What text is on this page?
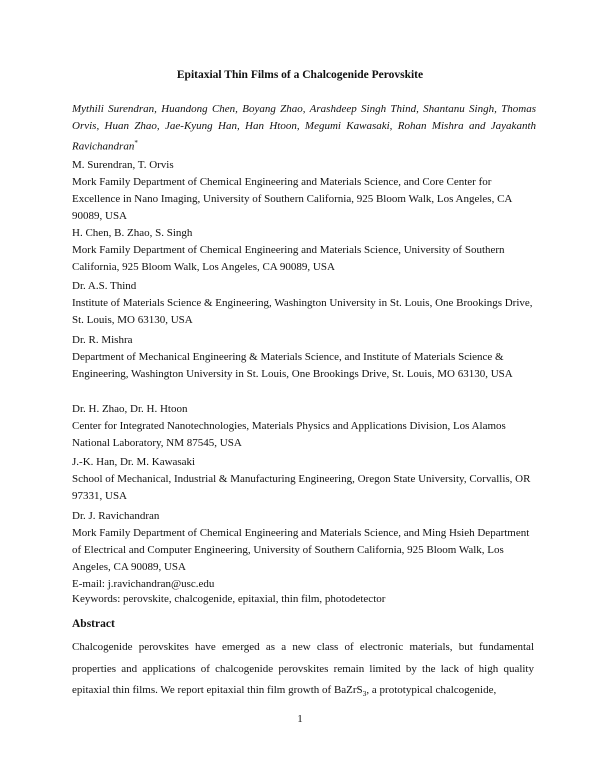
Epitaxial Thin Films of a Chalcogenide Perovskite
Mythili Surendran, Huandong Chen, Boyang Zhao, Arashdeep Singh Thind, Shantanu Singh, Thomas Orvis, Huan Zhao, Jae-Kyung Han, Han Htoon, Megumi Kawasaki, Rohan Mishra and Jayakanth Ravichandran*
M. Surendran, T. Orvis
Mork Family Department of Chemical Engineering and Materials Science, and Core Center for Excellence in Nano Imaging, University of Southern California, 925 Bloom Walk, Los Angeles, CA 90089, USA
H. Chen, B. Zhao, S. Singh
Mork Family Department of Chemical Engineering and Materials Science, University of Southern California, 925 Bloom Walk, Los Angeles, CA 90089, USA
Dr. A.S. Thind
Institute of Materials Science & Engineering, Washington University in St. Louis, One Brookings Drive, St. Louis, MO 63130, USA
Dr. R. Mishra
Department of Mechanical Engineering & Materials Science, and Institute of Materials Science & Engineering, Washington University in St. Louis, One Brookings Drive, St. Louis, MO 63130, USA
Dr. H. Zhao, Dr. H. Htoon
Center for Integrated Nanotechnologies, Materials Physics and Applications Division, Los Alamos National Laboratory, NM 87545, USA
J.-K. Han, Dr. M. Kawasaki
School of Mechanical, Industrial & Manufacturing Engineering, Oregon State University, Corvallis, OR 97331, USA
Dr. J. Ravichandran
Mork Family Department of Chemical Engineering and Materials Science, and Ming Hsieh Department of Electrical and Computer Engineering, University of Southern California, 925 Bloom Walk, Los Angeles, CA 90089, USA
E-mail: j.ravichandran@usc.edu
Keywords: perovskite, chalcogenide, epitaxial, thin film, photodetector
Abstract
Chalcogenide perovskites have emerged as a new class of electronic materials, but fundamental properties and applications of chalcogenide perovskites remain limited by the lack of high quality epitaxial thin films. We report epitaxial thin film growth of BaZrS$_3$, a prototypical chalcogenide,
1
